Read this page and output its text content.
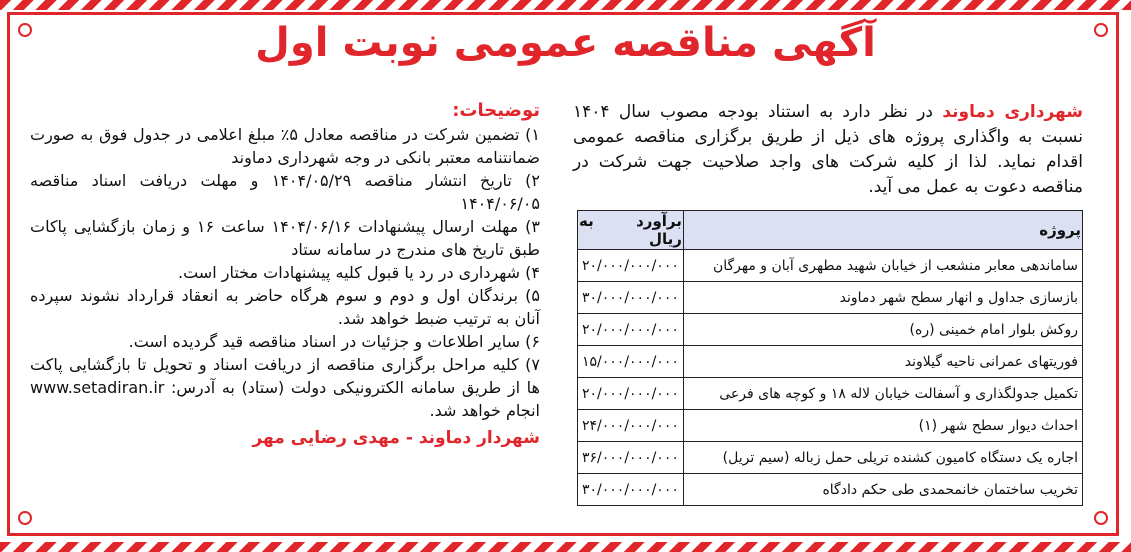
آگهی مناقصه عمومی نوبت اول

شهرداری دماوند در نظر دارد به استناد بودجه مصوب سال ۱۴۰۴ نسبت به واگذاری پروژه های ذیل از طریق برگزاری مناقصه عمومی اقدام نماید. لذا از کلیه شرکت های واجد صلاحیت جهت شرکت در مناقصه دعوت به عمل می آید.

پروژه	برآورد به ریال
ساماندهی معابر منشعب از خیابان شهید مطهری آبان و مهرگان	۲۰/۰۰۰/۰۰۰/۰۰۰
بازسازی جداول و انهار سطح شهر دماوند	۳۰/۰۰۰/۰۰۰/۰۰۰
روکش بلوار امام خمینی (ره)	۲۰/۰۰۰/۰۰۰/۰۰۰
فوریتهای عمرانی ناحیه گیلاوند	۱۵/۰۰۰/۰۰۰/۰۰۰
تکمیل جدولگذاری و آسفالت خیابان لاله ۱۸ و کوچه های فرعی	۲۰/۰۰۰/۰۰۰/۰۰۰
احداث دیوار سطح شهر (۱)	۲۴/۰۰۰/۰۰۰/۰۰۰
اجاره یک دستگاه کامیون کشنده تریلی حمل زباله (سیم تریل)	۳۶/۰۰۰/۰۰۰/۰۰۰
تخریب ساختمان خانمحمدی طی حکم دادگاه	۳۰/۰۰۰/۰۰۰/۰۰۰

توضیحات:

۱) تضمین شرکت در مناقصه معادل ۵٪ مبلغ اعلامی در جدول فوق به صورت ضمانتنامه معتبر بانکی در وجه شهرداری دماوند

۲) تاریخ انتشار مناقصه ۱۴۰۴/۰۵/۲۹ و مهلت دریافت اسناد مناقصه ۱۴۰۴/۰۶/۰۵

۳) مهلت ارسال پیشنهادات ۱۴۰۴/۰۶/۱۶ ساعت ۱۶ و زمان بازگشایی پاکات طبق تاریخ های مندرج در سامانه ستاد

۴) شهرداری در رد یا قبول کلیه پیشنهادات مختار است.

۵) برندگان اول و دوم و سوم هرگاه حاضر به انعقاد قرارداد نشوند سپرده آنان به ترتیب ضبط خواهد شد.

۶) سایر اطلاعات و جزئیات در اسناد مناقصه قید گردیده است.

۷) کلیه مراحل برگزاری مناقصه از دریافت اسناد و تحویل تا بازگشایی پاکت ها از طریق سامانه الکترونیکی دولت (ستاد) به آدرس: www.setadiran.ir انجام خواهد شد.

شهردار دماوند - مهدی رضایی مهر
